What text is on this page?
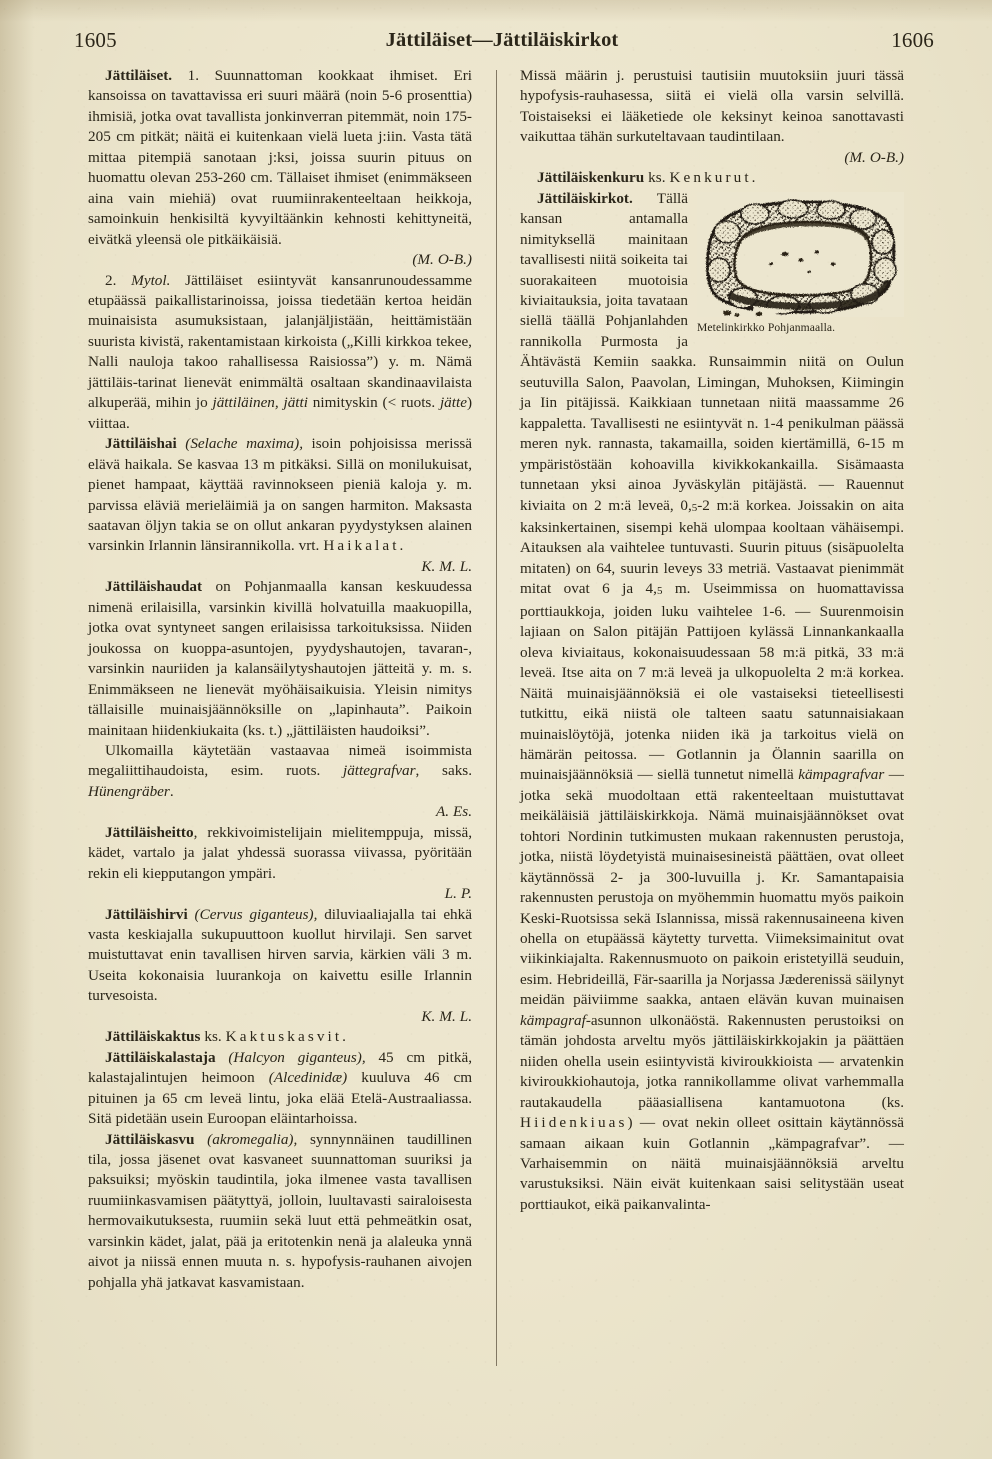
1605	Jättiläiset—Jättiläiskirkot	1606

Jättiläiset. 1. Suunnattoman kookkaat ihmiset. Eri kansoissa on tavattavissa eri suuri määrä (noin 5-6 prosenttia) ihmisiä, jotka ovat tavallista jonkinverran pitemmät, noin 175-205 cm pitkät; näitä ei kuitenkaan vielä lueta j:iin. Vasta tätä mittaa pitempiä sanotaan j:ksi, joissa suurin pituus on huomattu olevan 253-260 cm. Tällaiset ihmiset (enimmäkseen aina vain miehiä) ovat ruumiinrakenteeltaan heikkoja, samoinkuin henkisiltä kyvyiltäänkin kehnosti kehittyneitä, eivätkä yleensä ole pitkäikäisiä.
(M. O-B.)

2. Mytol. Jättiläiset esiintyvät kansanrunoudessamme etupäässä paikallistarinoissa, joissa tiedetään kertoa heidän muinaisista asumuksistaan, jalanjäljistään, heittämistään suurista kivistä, rakentamistaan kirkoista („Killi kirkkoa tekee, Nalli nauloja takoo rahallisessa Raisiossa”) y. m. Nämä jättiläis-tarinat lienevät enimmältä osaltaan skandinaavilaista alkuperää, mihin jo jättiläinen, jätti nimityskin (< ruots. jätte) viittaa.

Jättiläishai (Selache maxima), isoin pohjoisissa merissä elävä haikala. Se kasvaa 13 m pitkäksi. Sillä on monilukuisat, pienet hampaat, käyttää ravinnokseen pieniä kaloja y. m. parvissa eläviä merieläimiä ja on sangen harmiton. Maksasta saatavan öljyn takia se on ollut ankaran pyydystyksen alainen varsinkin Irlannin länsirannikolla. vrt. Haikalat.
K. M. L.

Jättiläishaudat on Pohjanmaalla kansan keskuudessa nimenä erilaisilla, varsinkin kivillä holvatuilla maakuopilla, jotka ovat syntyneet sangen erilaisissa tarkoituksissa. Niiden joukossa on kuoppa-asuntojen, pyydyshautojen, tavaran-, varsinkin nauriiden ja kalansäilytyshautojen jätteitä y. m. s. Enimmäkseen ne lienevät myöhäisaikuisia. Yleisin nimitys tällaisille muinaisjäännöksille on „lapinhauta”. Paikoin mainitaan hiidenkiukaita (ks. t.) „jättiläisten haudoiksi”.

Ulkomailla käytetään vastaavaa nimeä isoimmista megaliittihaudoista, esim. ruots. jättegrafvar, saks. Hünengräber.
A. Es.

Jättiläisheitto, rekkivoimistelijain mielitemppuja, missä, kädet, vartalo ja jalat yhdessä suorassa viivassa, pyöritään rekin eli kiepputangon ympäri.
L. P.

Jättiläishirvi (Cervus giganteus), diluviaaliajalla tai ehkä vasta keskiajalla sukupuuttoon kuollut hirvilaji. Sen sarvet muistuttavat enin tavallisen hirven sarvia, kärkien väli 3 m. Useita kokonaisia luurankoja on kaivettu esille Irlannin turvesoista.
K. M. L.

Jättiläiskaktus ks. Kaktuskasvit.

Jättiläiskalastaja (Halcyon giganteus), 45 cm pitkä, kalastajalintujen heimoon (Alcedinidæ) kuuluva 46 cm pituinen ja 65 cm leveä lintu, joka elää Etelä-Austraaliassa. Sitä pidetään usein Euroopan eläintarhoissa.

Jättiläiskasvu (akromegalia), synnynnäinen taudillinen tila, jossa jäsenet ovat kasvaneet suunnattoman suuriksi ja paksuiksi; myöskin taudintila, joka ilmenee vasta tavallisen ruumiinkasvamisen päätyttyä, jolloin, luultavasti sairaloisesta hermovaikutuksesta, ruumiin sekä luut että pehmeätkin osat, varsinkin kädet, jalat, pää ja eritotenkin nenä ja alaleuka ynnä aivot ja niissä ennen muuta n. s. hypofysis-rauhanen aivojen pohjalla yhä jatkavat kasvamistaan.

Missä määrin j. perustuisi tautisiin muutoksiin juuri tässä hypofysis-rauhasessa, siitä ei vielä olla varsin selvillä. Toistaiseksi ei lääketiede ole keksinyt keinoa sanottavasti vaikuttaa tähän surkuteltavaan taudintilaan.
(M. O-B.)

Jättiläiskenkuru ks. Kenkurut.

Metelinkirkko Pohjanmaalla.
Jättiläiskirkot. Tällä kansan antamalla nimityksellä mainitaan tavallisesti niitä soikeita tai suorakaiteen muotoisia kiviaitauksia, joita tavataan siellä täällä Pohjanlahden rannikolla Purmosta ja Ähtävästä Kemiin saakka. Runsaimmin niitä on Oulun seutuvilla Salon, Paavolan, Limingan, Muhoksen, Kiimingin ja Iin pitäjissä. Kaikkiaan tunnetaan niitä maassamme 26 kappaletta. Tavallisesti ne esiintyvät n. 1-4 penikulman päässä meren nyk. rannasta, takamailla, soiden kiertämillä, 6-15 m ympäristöstään kohoavilla kivikkokankailla. Sisämaasta tunnetaan yksi ainoa Jyväskylän pitäjästä. — Rauennut kiviaita on 2 m:ä leveä, 0,5-2 m:ä korkea. Joissakin on aita kaksinkertainen, sisempi kehä ulompaa kooltaan vähäisempi. Aitauksen ala vaihtelee tuntuvasti. Suurin pituus (sisäpuolelta mitaten) on 64, suurin leveys 33 metriä. Vastaavat pienimmät mitat ovat 6 ja 4,5 m. Useimmissa on huomattavissa porttiaukkoja, joiden luku vaihtelee 1-6. — Suurenmoisin lajiaan on Salon pitäjän Pattijoen kylässä Linnankankaalla oleva kiviaitaus, kokonaisuudessaan 58 m:ä pitkä, 33 m:ä leveä. Itse aita on 7 m:ä leveä ja ulkopuolelta 2 m:ä korkea. Näitä muinaisjäännöksiä ei ole vastaiseksi tieteellisesti tutkittu, eikä niistä ole talteen saatu satunnaisiakaan muinaislöytöjä, jotenka niiden ikä ja tarkoitus vielä on hämärän peitossa. — Gotlannin ja Ölannin saarilla on muinaisjäännöksiä — siellä tunnetut nimellä kämpagrafvar — jotka sekä muodoltaan että rakenteeltaan muistuttavat meikäläisiä jättiläiskirkkoja. Nämä muinaisjäännökset ovat tohtori Nordinin tutkimusten mukaan rakennusten perustoja, jotka, niistä löydetyistä muinaisesineistä päättäen, ovat olleet käytännössä 2- ja 300-luvuilla j. Kr. Samantapaisia rakennusten perustoja on myöhemmin huomattu myös paikoin Keski-Ruotsissa sekä Islannissa, missä rakennusaineena kiven ohella on etupäässä käytetty turvetta. Viimeksimainitut ovat viikinkiajalta. Rakennusmuoto on paikoin eristetyillä seuduin, esim. Hebrideillä, Fär-saarilla ja Norjassa Jæderenissä säilynyt meidän päiviimme saakka, antaen elävän kuvan muinaisen kämpagraf-asunnon ulkonäöstä. Rakennusten perustoiksi on tämän johdosta arveltu myös jättiläiskirkkojakin ja päättäen niiden ohella usein esiintyvistä kiviroukkioista — arvatenkin kiviroukkiohautoja, jotka rannikollamme olivat varhemmalla rautakaudella pääasiallisena kantamuotona (ks. Hiidenkiuas) — ovat nekin olleet osittain käytännössä samaan aikaan kuin Gotlannin „kämpagrafvar”. — Varhaisemmin on näitä muinaisjäännöksiä arveltu varustuksiksi. Näin eivät kuitenkaan saisi selitystään useat porttiaukot, eikä paikanvalinta-
